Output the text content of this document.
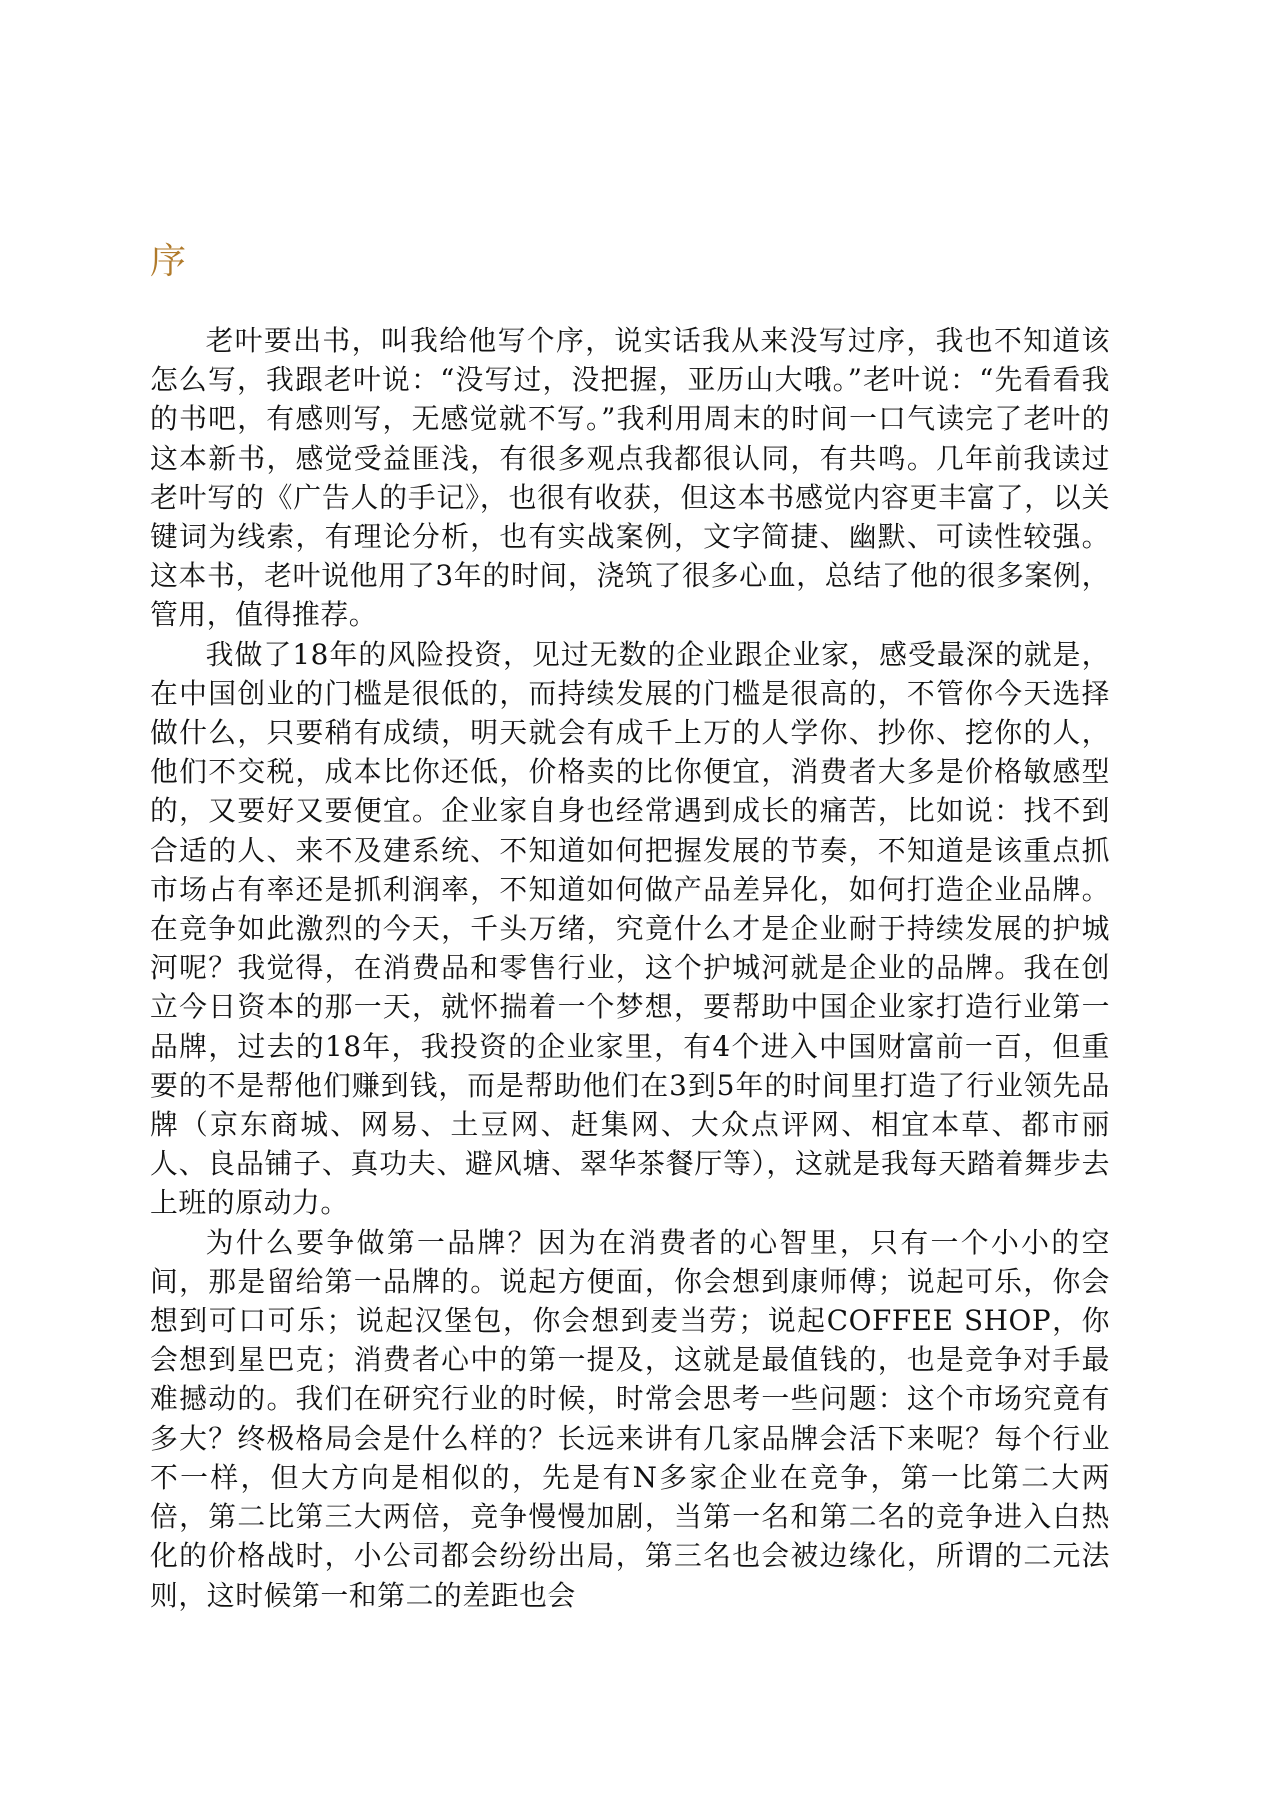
序

老叶要出书，叫我给他写个序，说实话我从来没写过序，我也不知道该怎么写，我跟老叶说：“没写过，没把握，亚历山大哦。”老叶说：“先看看我的书吧，有感则写，无感觉就不写。”我利用周末的时间一口气读完了老叶的这本新书，感觉受益匪浅，有很多观点我都很认同，有共鸣。几年前我读过老叶写的《广告人的手记》，也很有收获，但这本书感觉内容更丰富了，以关键词为线索，有理论分析，也有实战案例，文字简捷、幽默、可读性较强。这本书，老叶说他用了3年的时间，浇筑了很多心血，总结了他的很多案例，管用，值得推荐。

我做了18年的风险投资，见过无数的企业跟企业家，感受最深的就是，在中国创业的门槛是很低的，而持续发展的门槛是很高的，不管你今天选择做什么，只要稍有成绩，明天就会有成千上万的人学你、抄你、挖你的人，他们不交税，成本比你还低，价格卖的比你便宜，消费者大多是价格敏感型的，又要好又要便宜。企业家自身也经常遇到成长的痛苦，比如说：找不到合适的人、来不及建系统、不知道如何把握发展的节奏，不知道是该重点抓市场占有率还是抓利润率，不知道如何做产品差异化，如何打造企业品牌。在竞争如此激烈的今天，千头万绪，究竟什么才是企业耐于持续发展的护城河呢？我觉得，在消费品和零售行业，这个护城河就是企业的品牌。我在创立今日资本的那一天，就怀揣着一个梦想，要帮助中国企业家打造行业第一品牌，过去的18年，我投资的企业家里，有4个进入中国财富前一百，但重要的不是帮他们赚到钱，而是帮助他们在3到5年的时间里打造了行业领先品牌（京东商城、网易、土豆网、赶集网、大众点评网、相宜本草、都市丽人、良品铺子、真功夫、避风塘、翠华茶餐厅等），这就是我每天踏着舞步去上班的原动力。

为什么要争做第一品牌？因为在消费者的心智里，只有一个小小的空间，那是留给第一品牌的。说起方便面，你会想到康师傅；说起可乐，你会想到可口可乐；说起汉堡包，你会想到麦当劳；说起COFFEE SHOP，你会想到星巴克；消费者心中的第一提及，这就是最值钱的，也是竞争对手最难撼动的。我们在研究行业的时候，时常会思考一些问题：这个市场究竟有多大？终极格局会是什么样的？长远来讲有几家品牌会活下来呢？每个行业不一样，但大方向是相似的，先是有N多家企业在竞争，第一比第二大两倍，第二比第三大两倍，竞争慢慢加剧，当第一名和第二名的竞争进入白热化的价格战时，小公司都会纷纷出局，第三名也会被边缘化，所谓的二元法则，这时候第一和第二的差距也会
